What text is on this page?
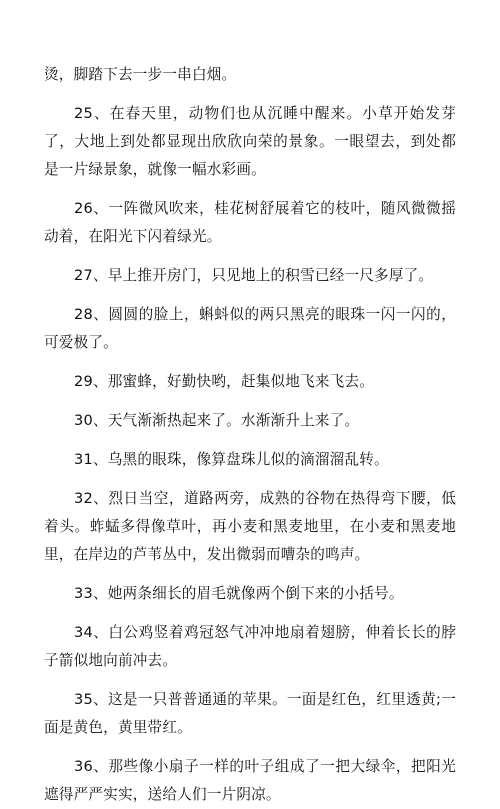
烫，脚踏下去一步一串白烟。

25、在春天里，动物们也从沉睡中醒来。小草开始发芽了，大地上到处都显现出欣欣向荣的景象。一眼望去，到处都是一片绿景象，就像一幅水彩画。

26、一阵微风吹来，桂花树舒展着它的枝叶，随风微微摇动着，在阳光下闪着绿光。

27、早上推开房门，只见地上的积雪已经一尺多厚了。

28、圆圆的脸上，蝌蚪似的两只黑亮的眼珠一闪一闪的，可爱极了。

29、那蜜蜂，好勤快哟，赶集似地飞来飞去。

30、天气渐渐热起来了。水渐渐升上来了。

31、乌黑的眼珠，像算盘珠儿似的滴溜溜乱转。

32、烈日当空，道路两旁，成熟的谷物在热得弯下腰，低着头。蚱蜢多得像草叶，再小麦和黑麦地里，在小麦和黑麦地里，在岸边的芦苇丛中，发出微弱而嘈杂的鸣声。

33、她两条细长的眉毛就像两个倒下来的小括号。

34、白公鸡竖着鸡冠怒气冲冲地扇着翅膀，伸着长长的脖子箭似地向前冲去。

35、这是一只普普通通的苹果。一面是红色，红里透黄;一面是黄色，黄里带红。

36、那些像小扇子一样的叶子组成了一把大绿伞，把阳光遮得严严实实，送给人们一片阴凉。
